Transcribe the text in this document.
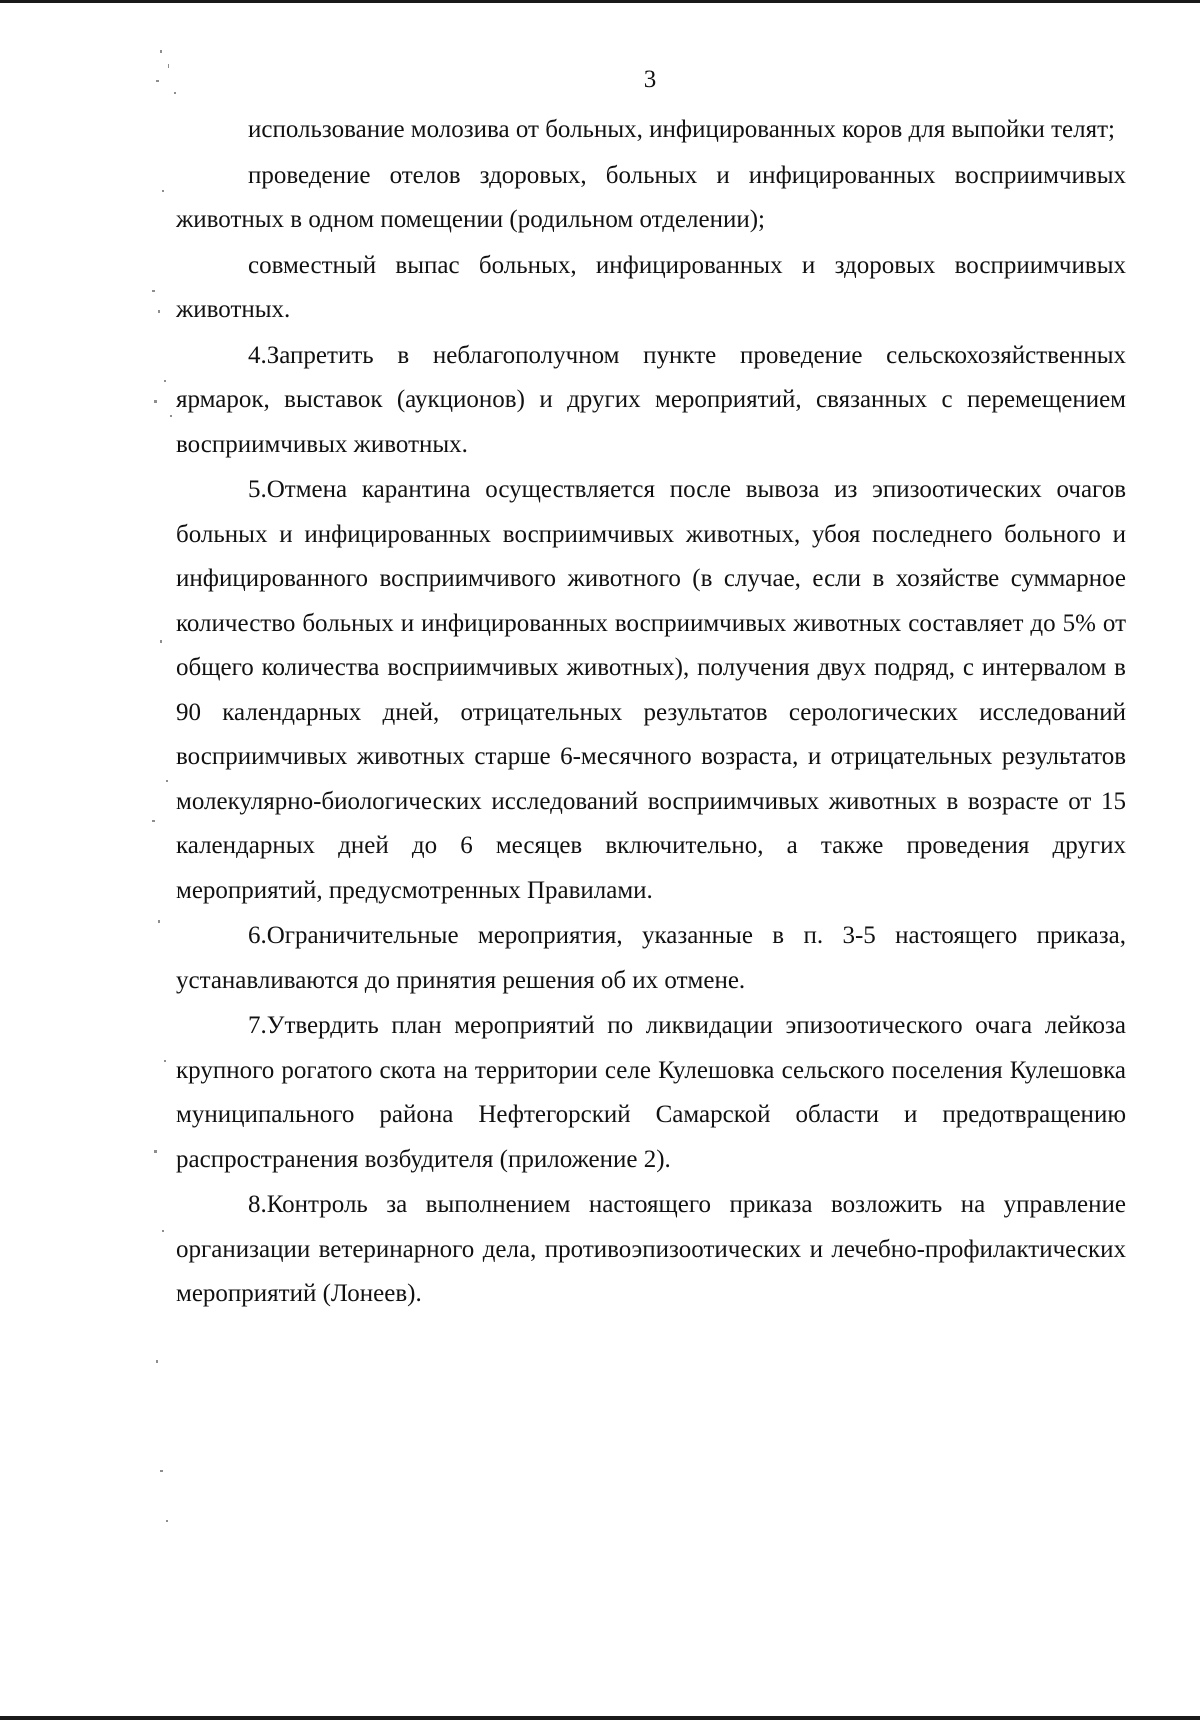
3

использование молозива от больных, инфицированных коров для выпойки телят;

проведение отелов здоровых, больных и инфицированных восприимчивых животных в одном помещении (родильном отделении);

совместный выпас больных, инфицированных и здоровых восприимчивых животных.

4.Запретить в неблагополучном пункте проведение сельскохозяйственных ярмарок, выставок (аукционов) и других мероприятий, связанных с перемещением восприимчивых животных.

5.Отмена карантина осуществляется после вывоза из эпизоотических очагов больных и инфицированных восприимчивых животных, убоя последнего больного и инфицированного восприимчивого животного (в случае, если в хозяйстве суммарное количество больных и инфицированных восприимчивых животных составляет до 5% от общего количества восприимчивых животных), получения двух подряд, с интервалом в 90 календарных дней, отрицательных результатов серологических исследований восприимчивых животных старше 6-месячного возраста, и отрицательных результатов молекулярно-биологических исследований восприимчивых животных в возрасте от 15 календарных дней до 6 месяцев включительно, а также проведения других мероприятий, предусмотренных Правилами.

6.Ограничительные мероприятия, указанные в п. 3-5 настоящего приказа, устанавливаются до принятия решения об их отмене.

7.Утвердить план мероприятий по ликвидации эпизоотического очага лейкоза крупного рогатого скота на территории селе Кулешовка сельского поселения Кулешовка муниципального района Нефтегорский Самарской области и предотвращению распространения возбудителя (приложение 2).

8.Контроль за выполнением настоящего приказа возложить на управление организации ветеринарного дела, противоэпизоотических и лечебно-профилактических мероприятий (Лонеев).
